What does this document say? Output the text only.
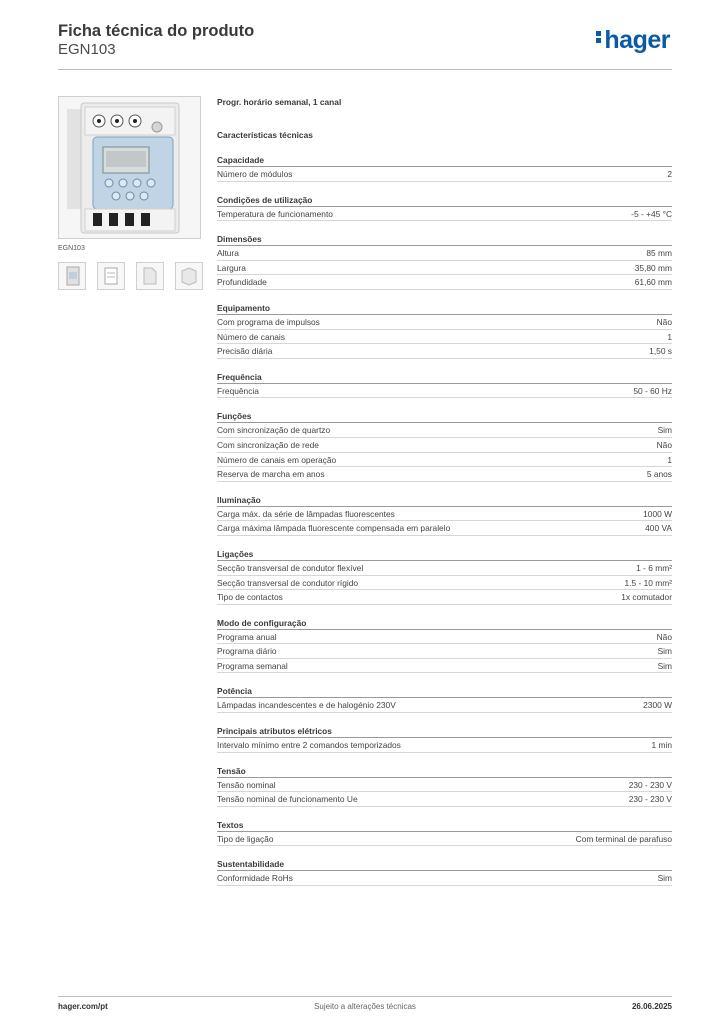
Ficha técnica do produto
EGN103	hager
EGN103
Progr. horário semanal, 1 canal
Características técnicas
Capacidade
Número de módulos	2
Condições de utilização
Temperatura de funcionamento	-5 - +45 °C
Dimensões
Altura	85 mm
Largura	35,80 mm
Profundidade	61,60 mm
Equipamento
Com programa de impulsos	Não
Número de canais	1
Precisão diária	1,50 s
Frequência
Frequência	50 - 60 Hz
Funções
Com sincronização de quartzo	Sim
Com sincronização de rede	Não
Número de canais em operação	1
Reserva de marcha em anos	5 anos
Iluminação
Carga máx. da série de lâmpadas fluorescentes	1000 W
Carga máxima lâmpada fluorescente compensada em paralelo	400 VA
Ligações
Secção transversal de condutor flexível	1 - 6 mm²
Secção transversal de condutor rígido	1.5 - 10 mm²
Tipo de contactos	1x comutador
Modo de configuração
Programa anual	Não
Programa diário	Sim
Programa semanal	Sim
Potência
Lâmpadas incandescentes e de halogénio 230V	2300 W
Principais atributos elétricos
Intervalo mínimo entre 2 comandos temporizados	1 min
Tensão
Tensão nominal	230 - 230 V
Tensão nominal de funcionamento Ue	230 - 230 V
Textos
Tipo de ligação	Com terminal de parafuso
Sustentabilidade
Conformidade RoHs	Sim
hager.com/pt	Sujeito a alterações técnicas	26.06.2025
